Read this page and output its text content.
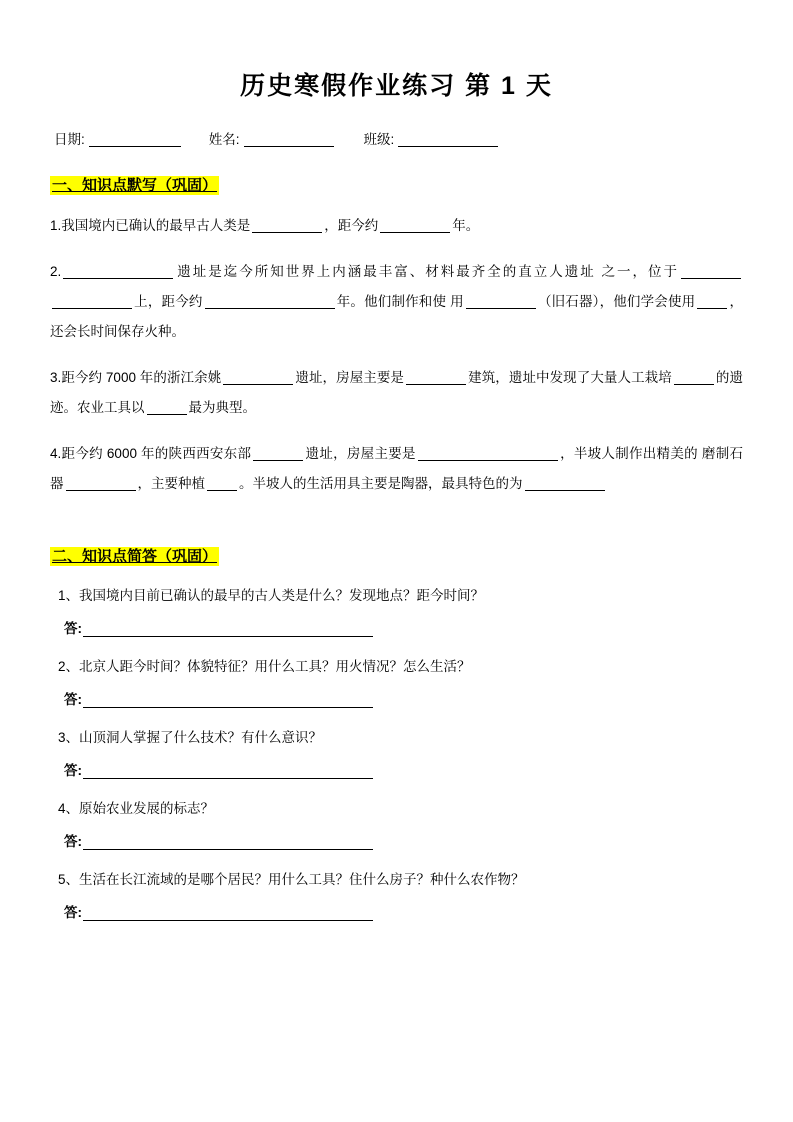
历史寒假作业练习 第 1 天
日期:	姓名:	班级:
一、知识点默写（巩固）
1.我国境内已确认的最早古人类是	，距今约	年。
2.	遗址是迄今所知世界上内涵最丰富、材料最齐全的直立人遗址 之一，位于上，距今约	年。他们制作和使 用	（旧石器），他们学会使用	，还会长时间保存火种。
3.距今约 7000 年的浙江余姚	遗址，房屋主要是	建筑，遗址中发现了大量人工栽培	的遗迹。农业工具以	最为典型。
4.距今约 6000 年的陕西西安东部	遗址，房屋主要是	，半坡人制作出精美的 磨制石器	，主要种植	。半坡人的生活用具主要是陶器，最具特色的为
二、知识点简答（巩固）
1、我国境内目前已确认的最早的古人类是什么？发现地点？距今时间？
答:
2、北京人距今时间？体貌特征？用什么工具？用火情况？怎么生活？
答:
3、山顶洞人掌握了什么技术？有什么意识？
答:
4、原始农业发展的标志？
答:
5、生活在长江流域的是哪个居民？用什么工具？住什么房子？种什么农作物？
答:
